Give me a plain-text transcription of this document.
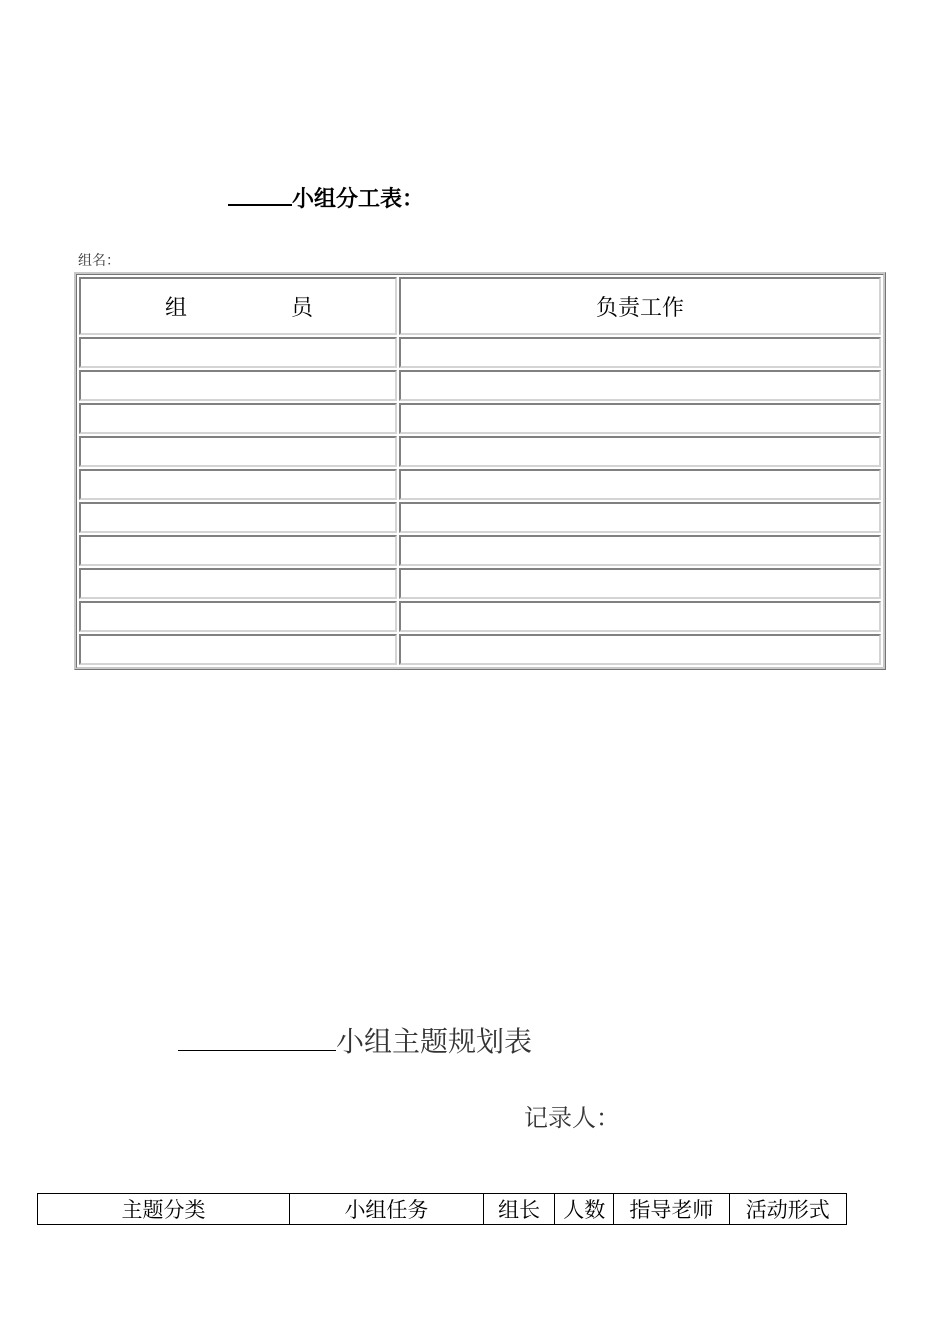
小组分工表：
组名：
组 员	负责工作

小组主题规划表
记录人：
主题分类	小组任务	组长	人数	指导老师	活动形式
